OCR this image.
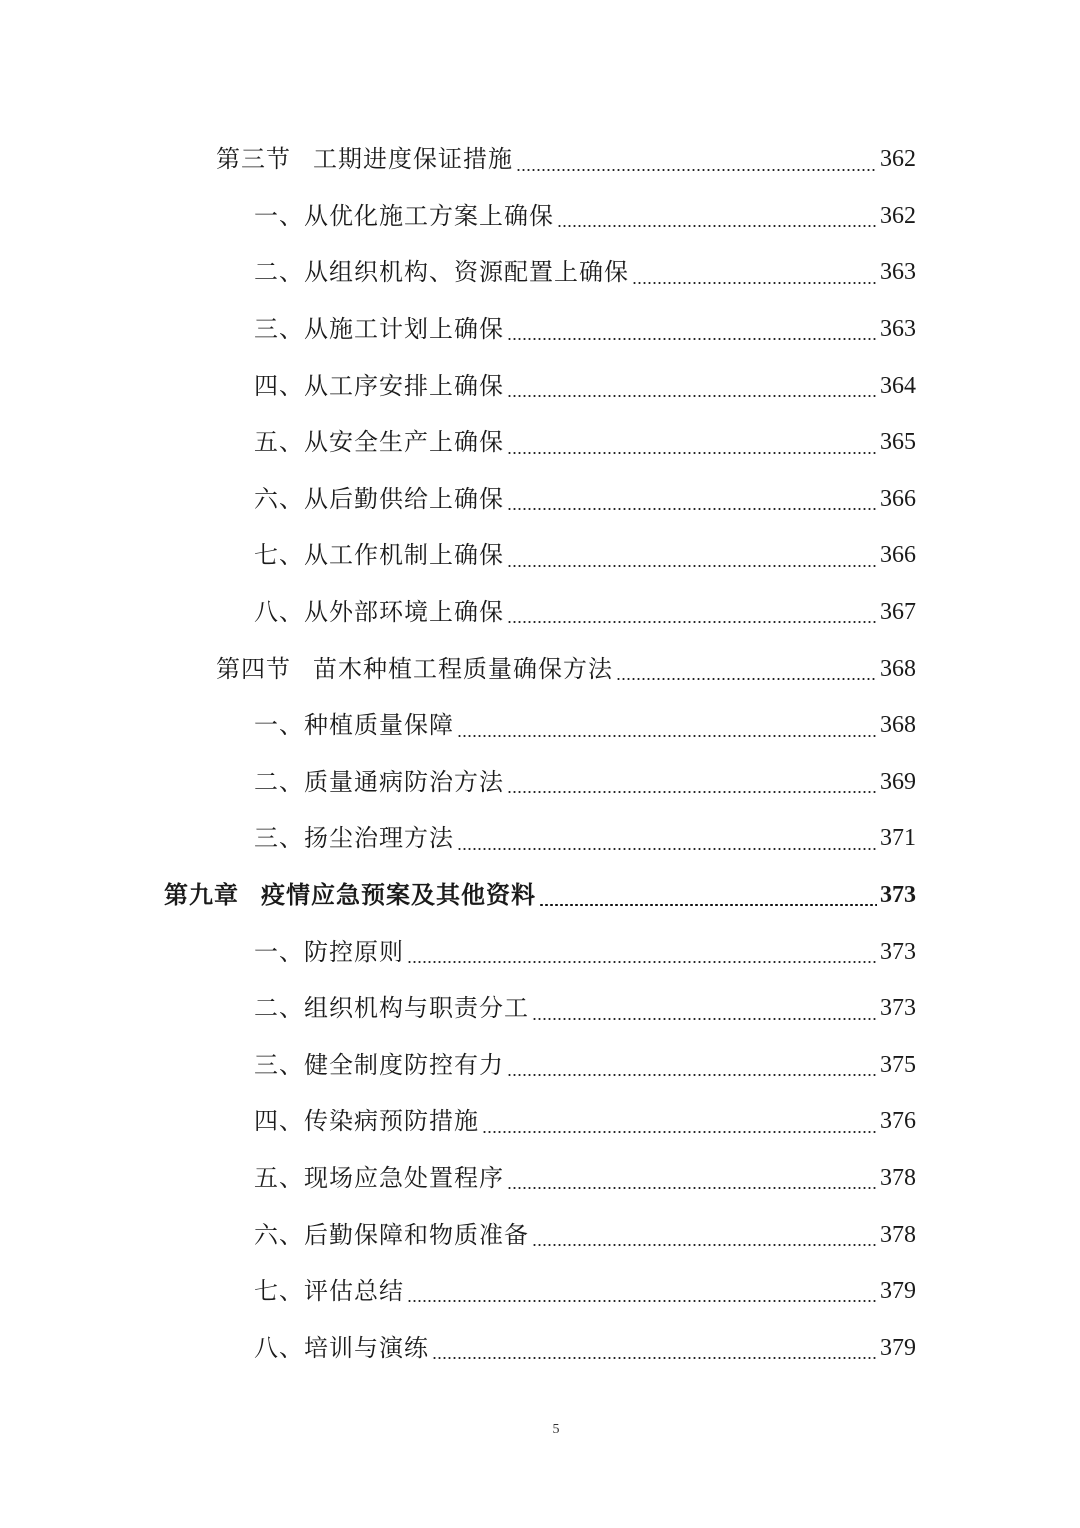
第三节 工期进度保证措施	362
一、从优化施工方案上确保	362
二、从组织机构、资源配置上确保	363
三、从施工计划上确保	363
四、从工序安排上确保	364
五、从安全生产上确保	365
六、从后勤供给上确保	366
七、从工作机制上确保	366
八、从外部环境上确保	367
第四节 苗木种植工程质量确保方法	368
一、种植质量保障	368
二、质量通病防治方法	369
三、扬尘治理方法	371
第九章 疫情应急预案及其他资料	373
一、防控原则	373
二、组织机构与职责分工	373
三、健全制度防控有力	375
四、传染病预防措施	376
五、现场应急处置程序	378
六、后勤保障和物质准备	378
七、评估总结	379
八、培训与演练	379
5
